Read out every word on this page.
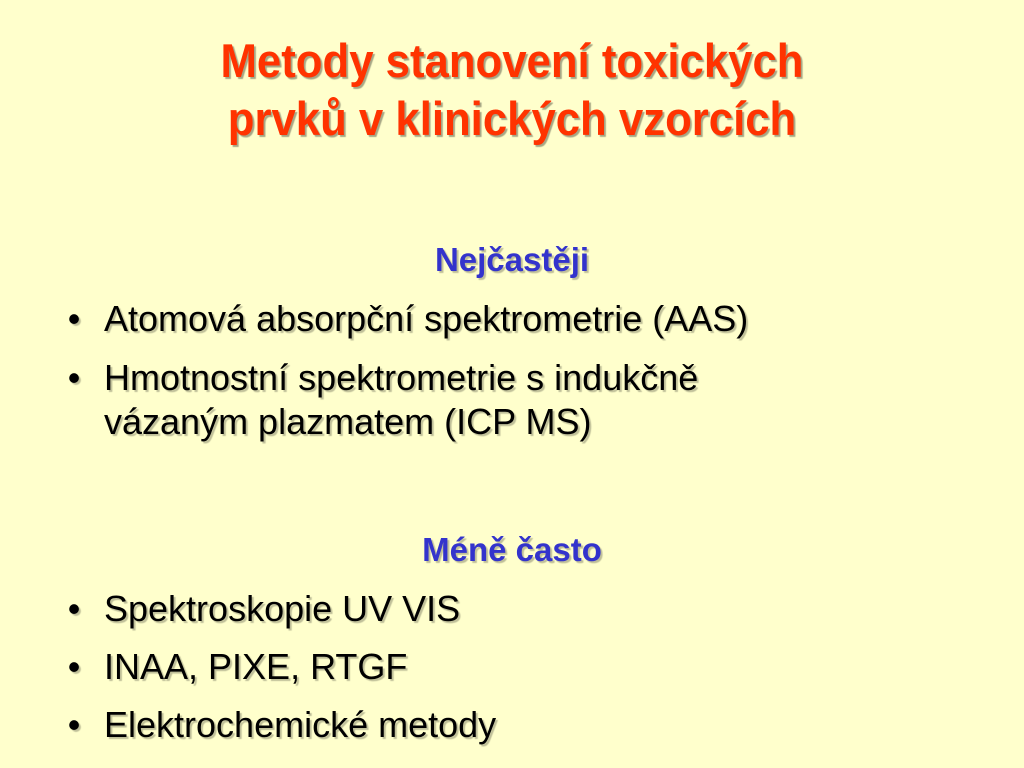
Metody stanovení toxických
prvků v klinických vzorcích
Nejčastěji
• Atomová absorpční spektrometrie (AAS)
• Hmotnostní spektrometrie s indukčně
vázaným plazmatem (ICP MS)
Méně často
• Spektroskopie UV VIS
• INAA, PIXE, RTGF
• Elektrochemické metody
